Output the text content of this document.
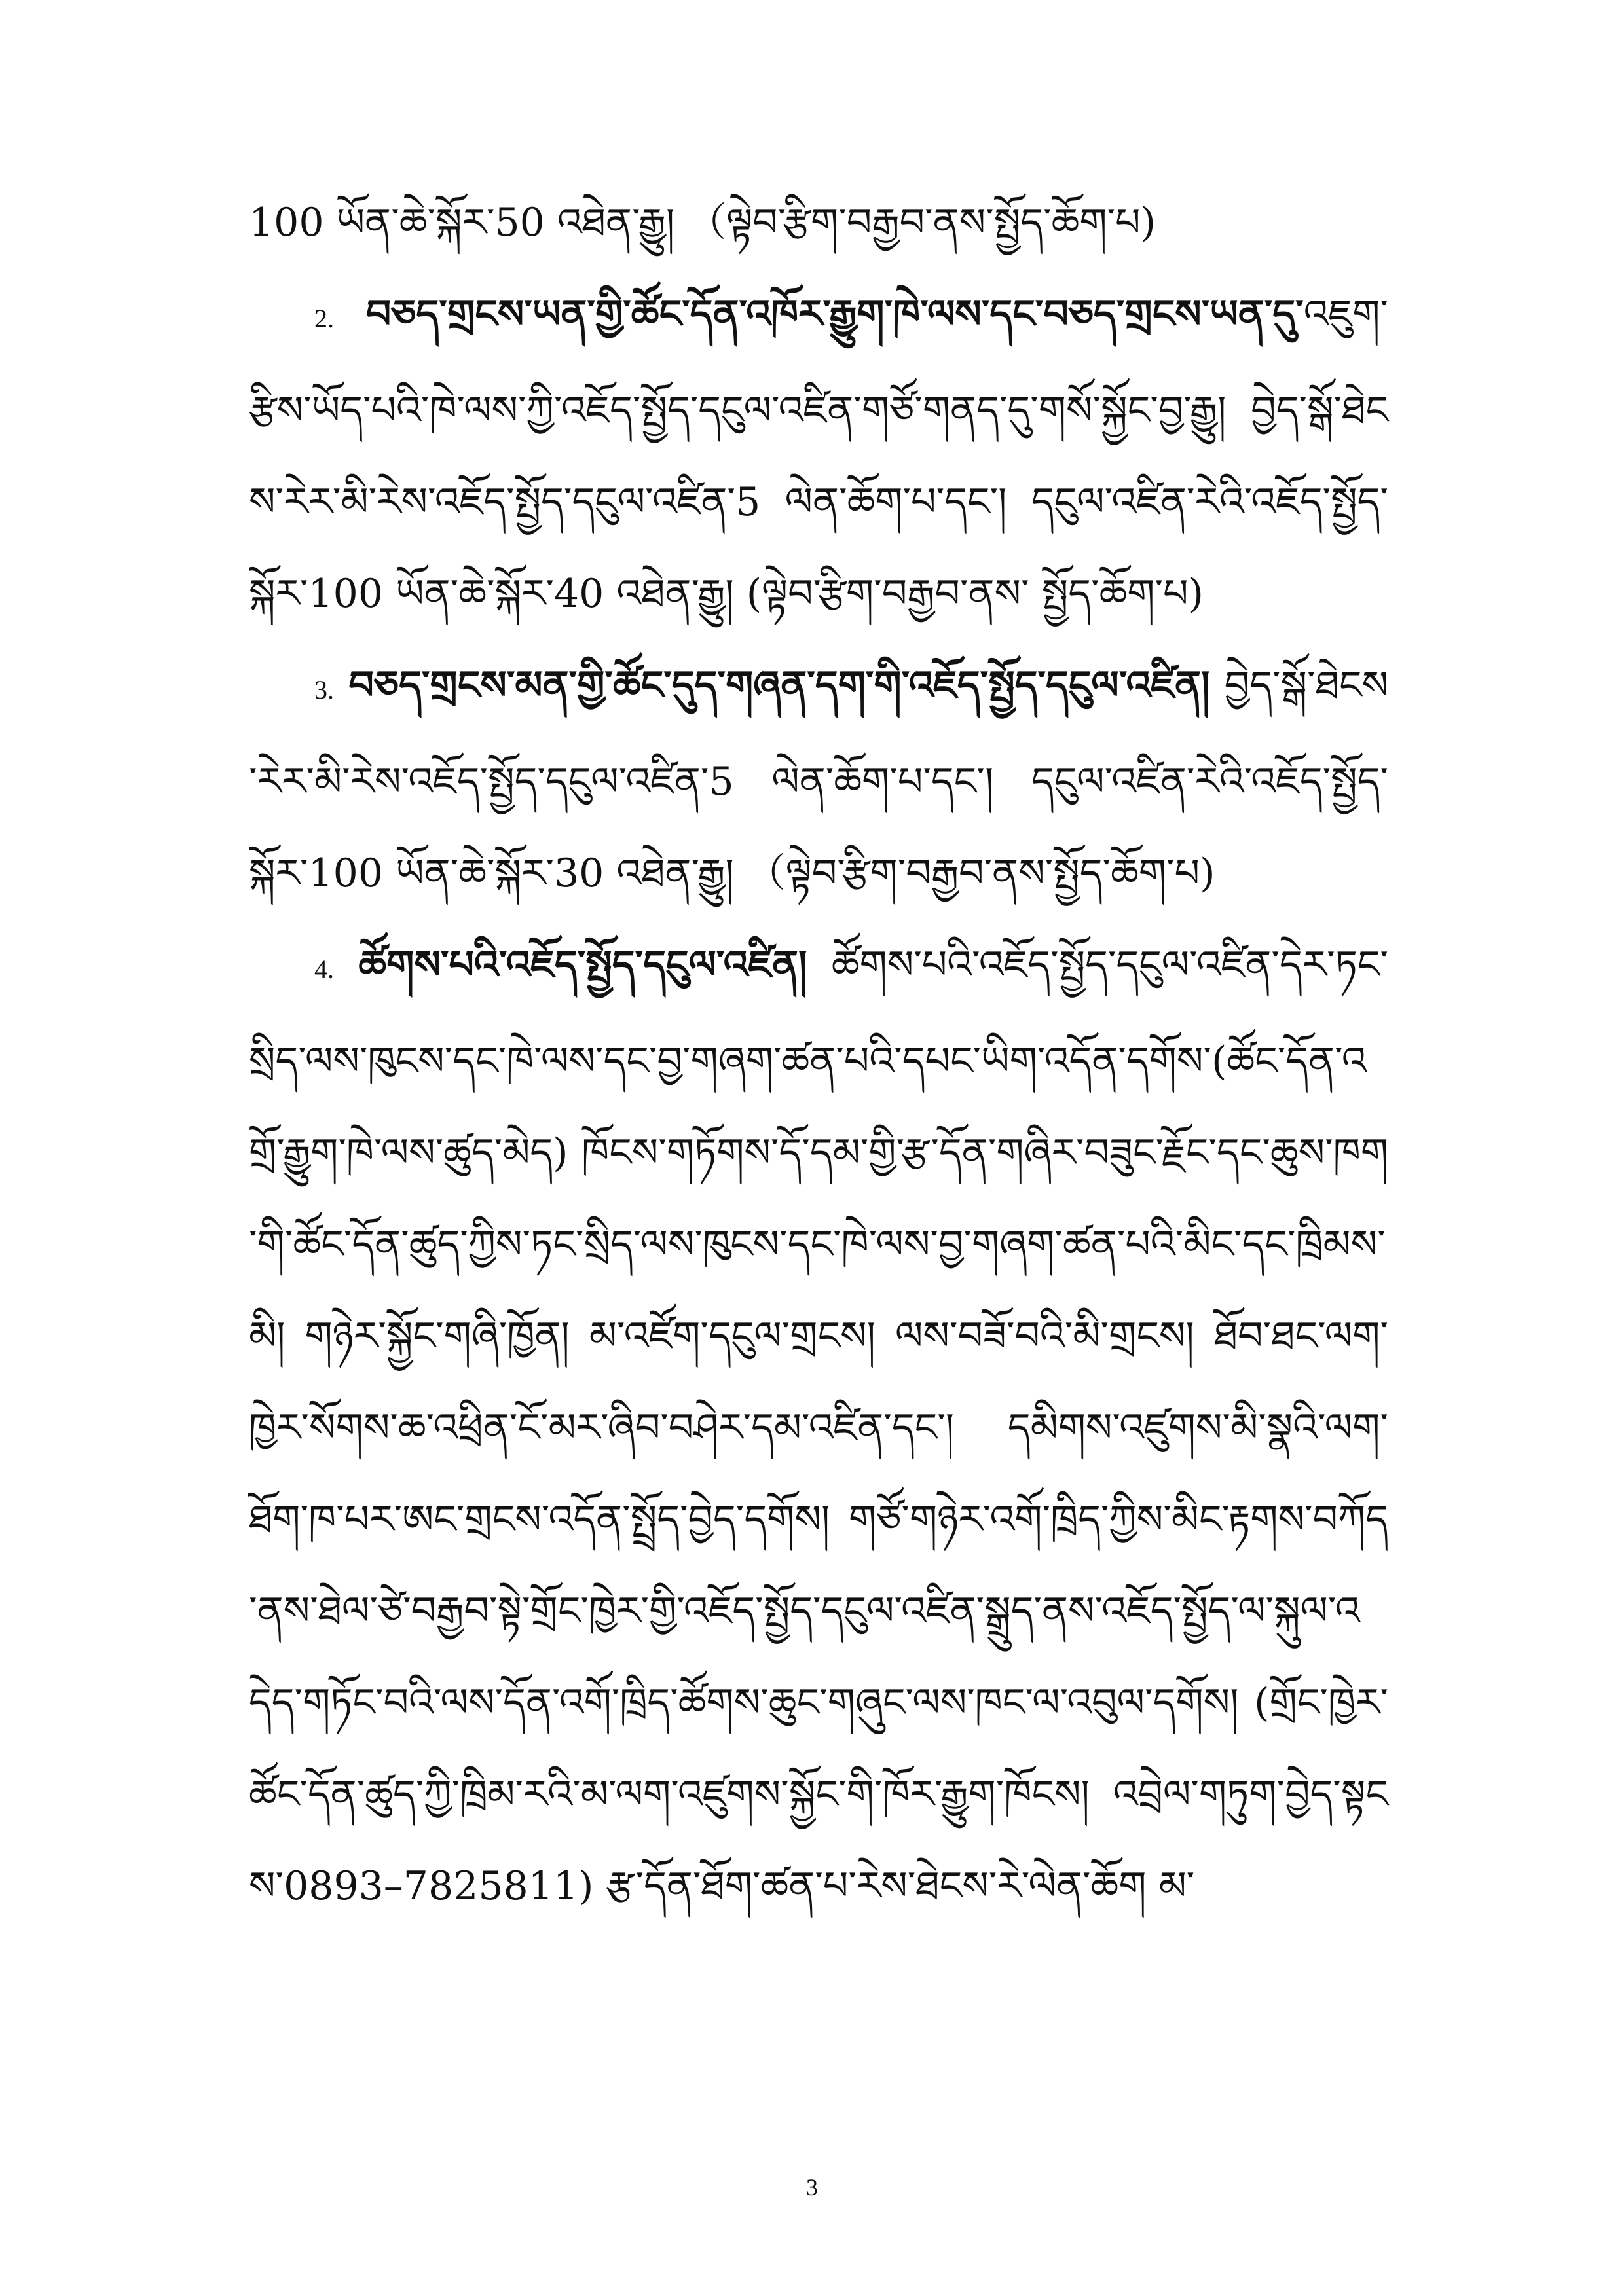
100 ཡོན་ཆེ་སྐོར་50 འཐེན་རྒྱུ། （ལྟེབ་རྩིག་བརྒྱབ་ནས་སྤྱོད་ཆོག་པ)

2. བཅད་གྲངས་ཡན་གྱི་ཚོང་དོན་འཁོར་རྒྱུག་ཁེ་ལས་དང་བཅད་གྲངས་ཡན་དུ་འཇུག་རྩིས་ཡོད་པའི་ཁེ་ལས་ཀྱི་འཇོད་སྤྱོད་དངུལ་འཛིན་གཙོ་གནད་དུ་གསོ་སྐྱོང་བྱ་རྒྱུ། བྱེད་སྒོ་ཐེངས་རེར་མི་རེས་འཇོད་སྤྱོད་དངུལ་འཛིན་5 ལེན་ཆོག་པ་དང་། དངུལ་འཛིན་རེའི་འཇོད་སྤྱོད་སྐོར་100 ཡོན་ཆེ་སྐོར་40 འཐེན་རྒྱུ། (ལྟེབ་རྩིག་བརྒྱབ་ནས་ སྤྱོད་ཆོག་པ)

3. བཅད་གྲངས་མན་གྱི་ཚོང་དུད་གཞན་དག་གི་འཇོད་སྤྱོད་དངུལ་འཛིན། བྱེད་སྒོ་ཐེངས་རེར་མི་རེས་འཇོད་སྤྱོད་དངུལ་འཛིན་5 ལེན་ཆོག་པ་དང་། དངུལ་འཛིན་རེའི་འཇོད་སྤྱོད་སྐོར་100 ཡོན་ཆེ་སྐོར་30 འཐེན་རྒྱུ། （ལྟེབ་རྩིག་བརྒྱབ་ནས་སྤྱོད་ཆོག་པ)

4. ཚོགས་པའི་འཇོད་སྤྱོད་དངུལ་འཛིན། ཚོགས་པའི་འཇོད་སྤྱོད་དངུལ་འཛིན་དེར་ཏང་སྲིད་ལས་ཁུངས་དང་ཁེ་ལས་དང་བྱ་གཞག་ཚན་པའི་དཔང་ཡིག་འདོན་དགོས་(ཚོང་དོན་འགྲོ་རྒྱུག་ཁེ་ལས་ཚུད་མེད) ཁོངས་གཏོགས་དོ་དམ་གྱི་རྩ་དོན་གཞིར་བཟུང་རྗོང་དང་ཆུས་ཁག་གི་ཚོང་དོན་ཚུད་ཀྱིས་ཏང་སྲིད་ལས་ཁུངས་དང་ཁེ་ལས་བྱ་གཞག་ཚན་པའི་མིང་དང་ཁྲིམས་མི། གཉེར་སྐྱོང་གཞི་ཁྱོན། མ་འཛོག་དངུལ་གྲངས། ལས་བཟོ་བའི་མི་གྲངས། ཐོབ་ཐང་ལག་ཁྱེར་སོགས་ཆ་འཕྲིན་ངོ་མར་ཞིབ་བཤེར་དམ་འཛིན་དང་། དམིགས་འཛུགས་མི་སྣའི་ལག་ཐོག་ཁ་པར་ཨང་གྲངས་འདོན་སྤྲོད་བྱེད་དགོས། གཙོ་གཉེར་འགོ་ཁྲིད་ཀྱིས་མིང་རྟགས་བཀོད་ནས་ཐེལ་ཙེ་བརྒྱབ་སྟེ་གྲོང་ཁྱེར་གྱི་འཇོད་སྤྱོད་དངུལ་འཛིན་སྒྲུད་ནས་འཇོད་སྤྱོད་ལ་སྐུལ་འདེད་གཏོང་བའི་ལས་དོན་འགོ་ཁྲིད་ཚོགས་ཆུང་གཞུང་ལས་ཁང་ལ་འབུལ་དགོས། (གྲོང་ཁྱེར་ཚོང་དོན་ཚུད་ཀྱི་ཁྲིམ་རའི་མ་ལག་འཛུགས་སྐྱོང་གི་ཁོར་རྒྱུག་ཁོངས། འབྲེལ་གཏུག་བྱེད་སྟངས་0893–7825811) རྩ་དོན་ཐོག་ཚན་པ་རེས་ཐེངས་རེ་ལེན་ཆོག མ་

3
